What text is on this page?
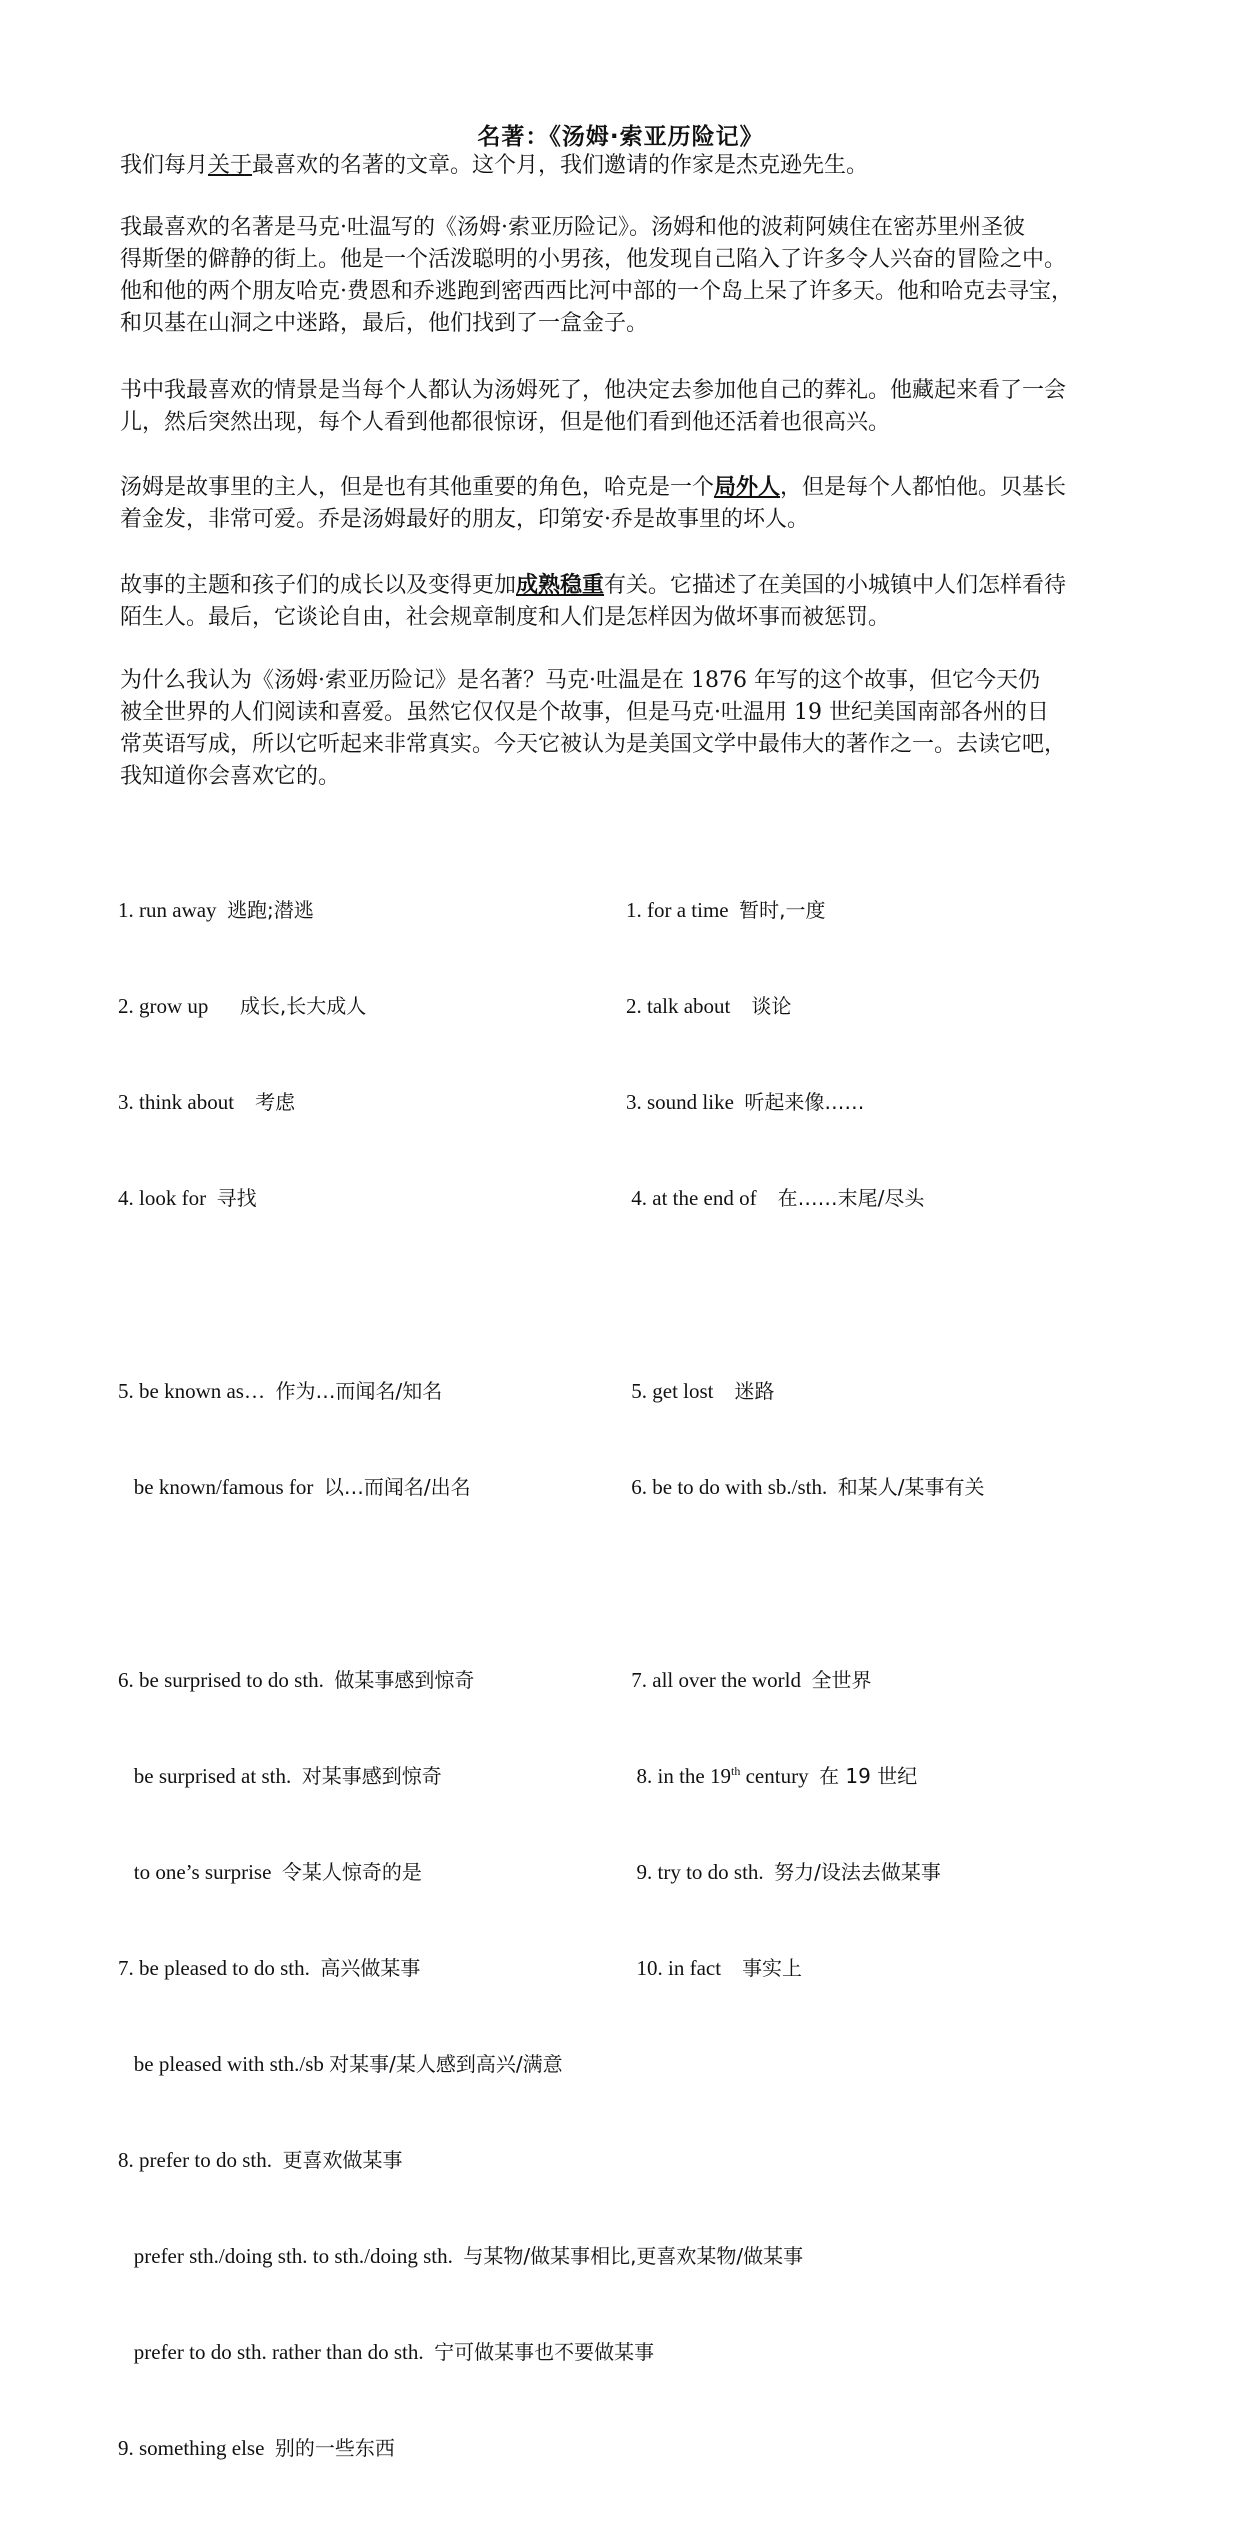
名著：《汤姆·索亚历险记》

我们每月关于最喜欢的名著的文章。这个月，我们邀请的作家是杰克逊先生。

我最喜欢的名著是马克·吐温写的《汤姆·索亚历险记》。汤姆和他的波莉阿姨住在密苏里州圣彼
得斯堡的僻静的街上。他是一个活泼聪明的小男孩，他发现自己陷入了许多令人兴奋的冒险之中。
他和他的两个朋友哈克·费恩和乔逃跑到密西西比河中部的一个岛上呆了许多天。他和哈克去寻宝，
和贝基在山洞之中迷路，最后，他们找到了一盒金子。
书中我最喜欢的情景是当每个人都认为汤姆死了，他决定去参加他自己的葬礼。他藏起来看了一会
儿，然后突然出现，每个人看到他都很惊讶，但是他们看到他还活着也很高兴。
汤姆是故事里的主人，但是也有其他重要的角色，哈克是一个局外人，但是每个人都怕他。贝基长
着金发，非常可爱。乔是汤姆最好的朋友，印第安·乔是故事里的坏人。
故事的主题和孩子们的成长以及变得更加成熟稳重有关。它描述了在美国的小城镇中人们怎样看待
陌生人。最后，它谈论自由，社会规章制度和人们是怎样因为做坏事而被惩罚。
为什么我认为《汤姆·索亚历险记》是名著？马克·吐温是在 1876 年写的这个故事，但它今天仍
被全世界的人们阅读和喜爱。虽然它仅仅是个故事，但是马克·吐温用 19 世纪美国南部各州的日
常英语写成，所以它听起来非常真实。今天它被认为是美国文学中最伟大的著作之一。去读它吧，
我知道你会喜欢它的。

1. run away  逃跑;潜逃

2. grow up      成长,长大成人

3. think about    考虑

4. look for  寻找

5. be known as…  作为…而闻名/知名

be known/famous for  以…而闻名/出名

6. be surprised to do sth.  做某事感到惊奇

be surprised at sth.  对某事感到惊奇

to one’s surprise  令某人惊奇的是

7. be pleased to do sth.  高兴做某事

be pleased with sth./sb 对某事/某人感到高兴/满意

8. prefer to do sth.  更喜欢做某事

prefer sth./doing sth. to sth./doing sth.  与某物/做某事相比,更喜欢某物/做某事

prefer to do sth. rather than do sth.  宁可做某事也不要做某事

9. something else  别的一些东西

1. for a time  暂时,一度

2. talk about    谈论

3. sound like  听起来像……

4. at the end of    在……末尾/尽头

5. get lost    迷路

6. be to do with sb./sth.  和某人/某事有关

7. all over the world  全世界

8. in the 19th century  在 19 世纪

9. try to do sth.  努力/设法去做某事

10. in fact    事实上
